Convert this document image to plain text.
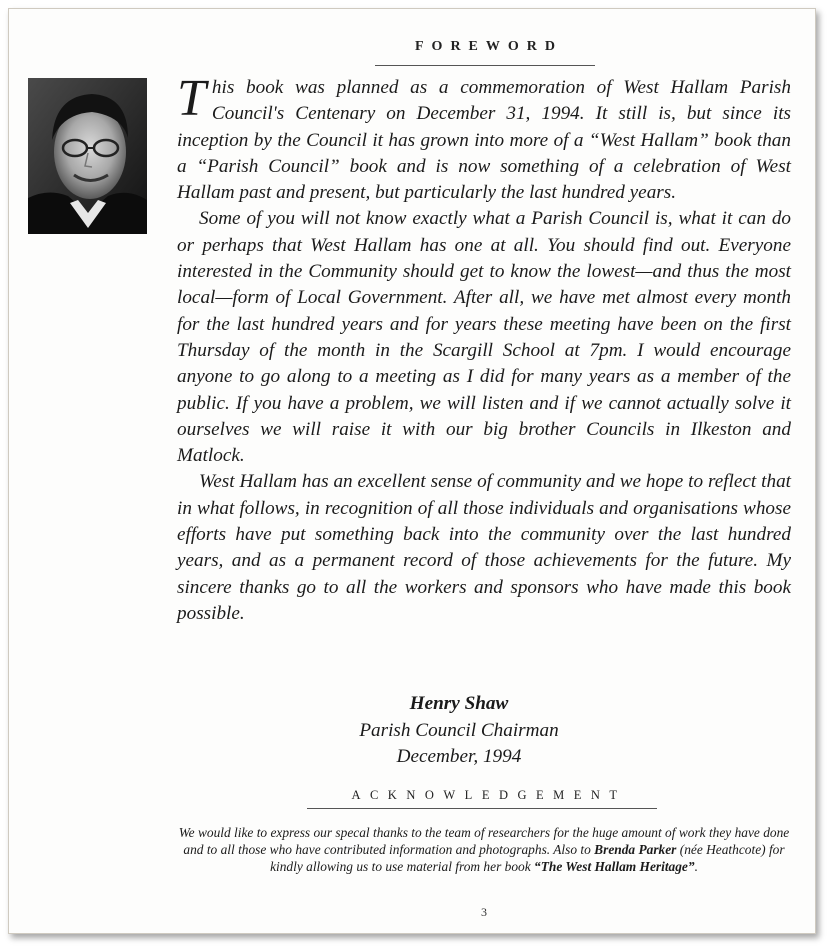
FOREWORD

This book was planned as a commemoration of West Hallam Parish Council's Centenary on December 31, 1994. It still is, but since its inception by the Council it has grown into more of a “West Hallam” book than a “Parish Council” book and is now something of a celebration of West Hallam past and present, but particularly the last hundred years.

Some of you will not know exactly what a Parish Council is, what it can do or perhaps that West Hallam has one at all. You should find out. Everyone interested in the Community should get to know the lowest—and thus the most local—form of Local Government. After all, we have met almost every month for the last hundred years and for years these meeting have been on the first Thursday of the month in the Scargill School at 7pm. I would encourage anyone to go along to a meeting as I did for many years as a member of the public. If you have a problem, we will listen and if we cannot actually solve it ourselves we will raise it with our big brother Councils in Ilkeston and Matlock.

West Hallam has an excellent sense of community and we hope to reflect that in what follows, in recognition of all those individuals and organisations whose efforts have put something back into the community over the last hundred years, and as a permanent record of those achievements for the future. My sincere thanks go to all the workers and sponsors who have made this book possible.

Henry Shaw
Parish Council Chairman
December, 1994
ACKNOWLEDGEMENT
We would like to express our specal thanks to the team of researchers for the huge amount of work they have done and to all those who have contributed information and photographs. Also to Brenda Parker (née Heathcote) for kindly allowing us to use material from her book “The West Hallam Heritage”.
3
